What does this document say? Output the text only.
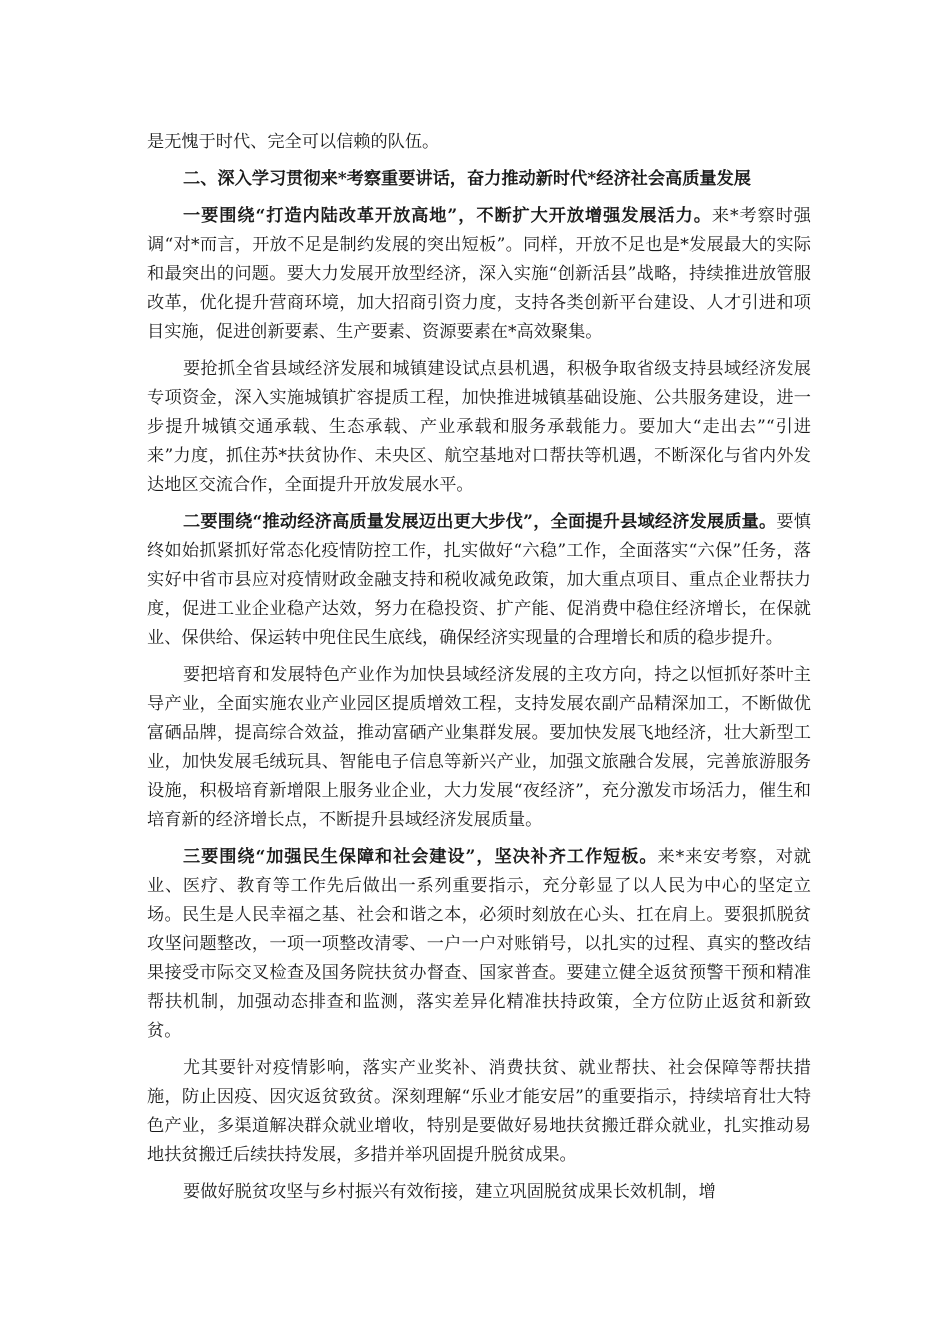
是无愧于时代、完全可以信赖的队伍。

二、深入学习贯彻来*考察重要讲话，奋力推动新时代*经济社会高质量发展

一要围绕“打造内陆改革开放高地”，不断扩大开放增强发展活力。来*考察时强调“对*而言，开放不足是制约发展的突出短板”。同样，开放不足也是*发展最大的实际和最突出的问题。要大力发展开放型经济，深入实施“创新活县”战略，持续推进放管服改革，优化提升营商环境，加大招商引资力度，支持各类创新平台建设、人才引进和项目实施，促进创新要素、生产要素、资源要素在*高效聚集。

要抢抓全省县域经济发展和城镇建设试点县机遇，积极争取省级支持县域经济发展专项资金，深入实施城镇扩容提质工程，加快推进城镇基础设施、公共服务建设，进一步提升城镇交通承载、生态承载、产业承载和服务承载能力。要加大“走出去”“引进来”力度，抓住苏*扶贫协作、未央区、航空基地对口帮扶等机遇，不断深化与省内外发达地区交流合作，全面提升开放发展水平。

二要围绕“推动经济高质量发展迈出更大步伐”，全面提升县域经济发展质量。要慎终如始抓紧抓好常态化疫情防控工作，扎实做好“六稳”工作，全面落实“六保”任务，落实好中省市县应对疫情财政金融支持和税收减免政策，加大重点项目、重点企业帮扶力度，促进工业企业稳产达效，努力在稳投资、扩产能、促消费中稳住经济增长，在保就业、保供给、保运转中兜住民生底线，确保经济实现量的合理增长和质的稳步提升。

要把培育和发展特色产业作为加快县域经济发展的主攻方向，持之以恒抓好茶叶主导产业，全面实施农业产业园区提质增效工程，支持发展农副产品精深加工，不断做优富硒品牌，提高综合效益，推动富硒产业集群发展。要加快发展飞地经济，壮大新型工业，加快发展毛绒玩具、智能电子信息等新兴产业，加强文旅融合发展，完善旅游服务设施，积极培育新增限上服务业企业，大力发展“夜经济”，充分激发市场活力，催生和培育新的经济增长点，不断提升县域经济发展质量。

三要围绕“加强民生保障和社会建设”，坚决补齐工作短板。来*来安考察，对就业、医疗、教育等工作先后做出一系列重要指示，充分彰显了以人民为中心的坚定立场。民生是人民幸福之基、社会和谐之本，必须时刻放在心头、扛在肩上。要狠抓脱贫攻坚问题整改，一项一项整改清零、一户一户对账销号，以扎实的过程、真实的整改结果接受市际交叉检查及国务院扶贫办督查、国家普查。要建立健全返贫预警干预和精准帮扶机制，加强动态排查和监测，落实差异化精准扶持政策，全方位防止返贫和新致贫。

尤其要针对疫情影响，落实产业奖补、消费扶贫、就业帮扶、社会保障等帮扶措施，防止因疫、因灾返贫致贫。深刻理解“乐业才能安居”的重要指示，持续培育壮大特色产业，多渠道解决群众就业增收，特别是要做好易地扶贫搬迁群众就业，扎实推动易地扶贫搬迁后续扶持发展，多措并举巩固提升脱贫成果。

要做好脱贫攻坚与乡村振兴有效衔接，建立巩固脱贫成果长效机制，增
